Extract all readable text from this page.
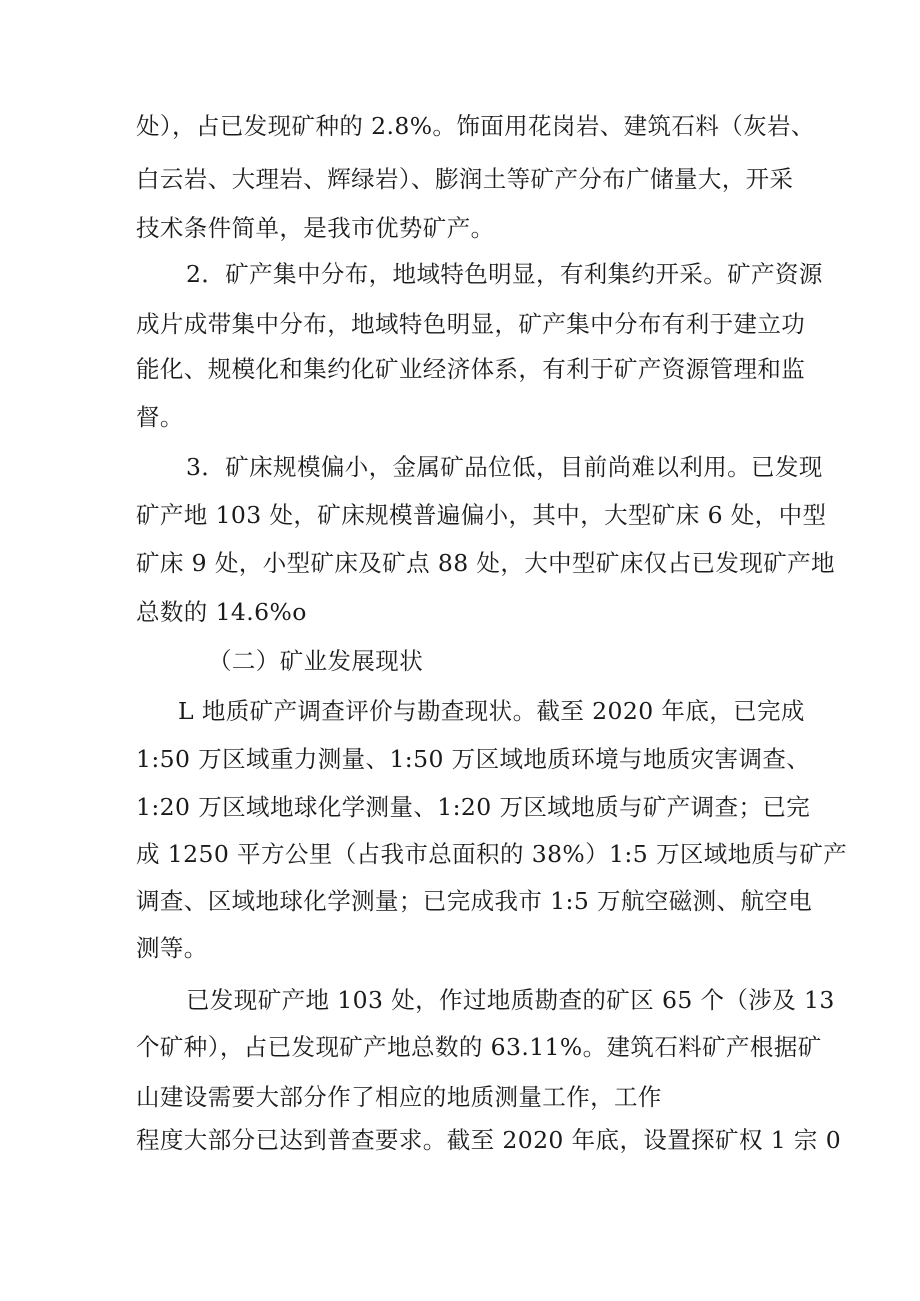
处），占已发现矿种的 2.8%。饰面用花岗岩、建筑石料（灰岩、
白云岩、大理岩、辉绿岩）、膨润土等矿产分布广储量大，开采
技术条件简单，是我市优势矿产。
2．矿产集中分布，地域特色明显，有利集约开采。矿产资源
成片成带集中分布，地域特色明显，矿产集中分布有利于建立功
能化、规模化和集约化矿业经济体系，有利于矿产资源管理和监
督。
3．矿床规模偏小，金属矿品位低，目前尚难以利用。已发现
矿产地 103 处，矿床规模普遍偏小，其中，大型矿床 6 处，中型
矿床 9 处，小型矿床及矿点 88 处，大中型矿床仅占已发现矿产地
总数的 14.6%o
（二）矿业发展现状
L 地质矿产调查评价与勘查现状。截至 2020 年底，已完成
1:50 万区域重力测量、1:50 万区域地质环境与地质灾害调查、
1:20 万区域地球化学测量、1:20 万区域地质与矿产调查；已完
成 1250 平方公里（占我市总面积的 38%）1:5 万区域地质与矿产
调查、区域地球化学测量；已完成我市 1:5 万航空磁测、航空电
测等。
已发现矿产地 103 处，作过地质勘查的矿区 65 个（涉及 13
个矿种），占已发现矿产地总数的 63.11%。建筑石料矿产根据矿
山建设需要大部分作了相应的地质测量工作，工作
程度大部分已达到普查要求。截至 2020 年底，设置探矿权 1 宗 0
